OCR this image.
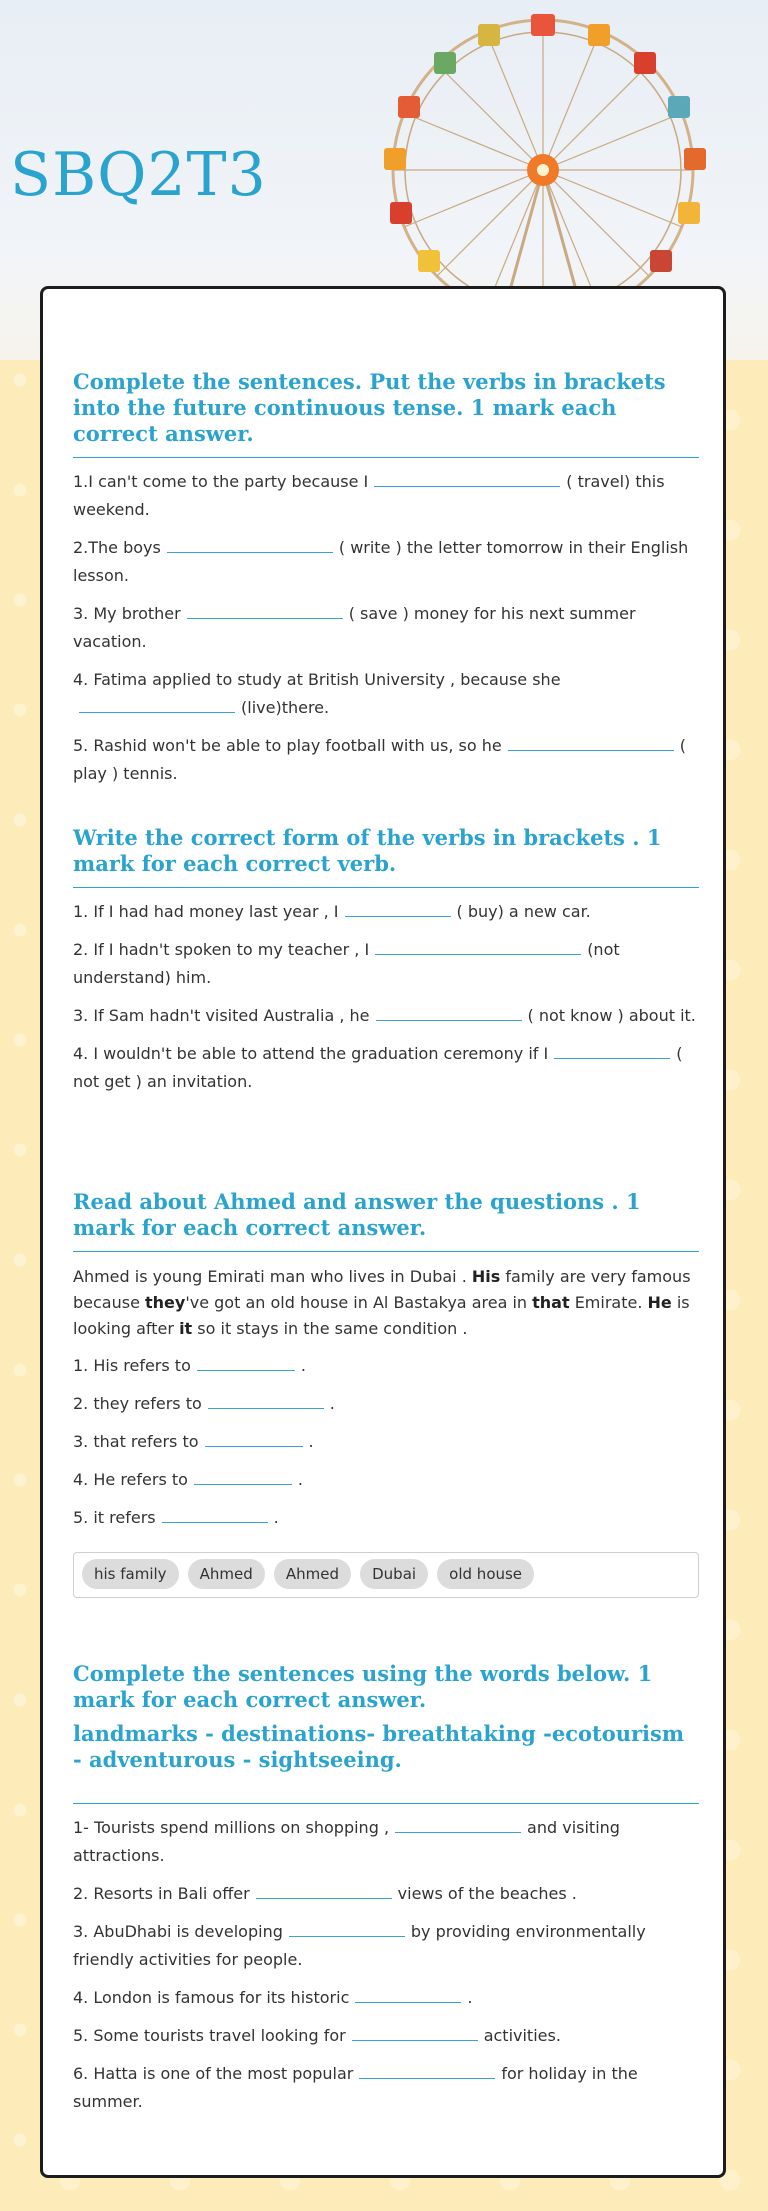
SBQ2T3
Complete the sentences. Put the verbs in brackets into the future continuous tense. 1 mark each correct answer.

1.I can't come to the party because I	( travel) this weekend.

2.The boys	( write ) the letter tomorrow in their English lesson.

3. My brother	( save ) money for his next summer vacation.

4. Fatima applied to study at British University , because she(live)there.

5. Rashid won't be able to play football with us, so he	( play ) tennis.

Write the correct form of the verbs in brackets . 1 mark for each correct verb.

1. If I had had money last year , I	( buy) a new car.

2. If I hadn't spoken to my teacher , I	(not understand) him.

3. If Sam hadn't visited Australia , he	( not know ) about it.

4. I wouldn't be able to attend the graduation ceremony if I	( not get ) an invitation.

Read about Ahmed and answer the questions . 1 mark for each correct answer.

Ahmed is young Emirati man who lives in Dubai . His family are very famous because they've got an old house in Al Bastakya area in that Emirate. He is looking after it so it stays in the same condition .

1. His refers to	.

2. they refers to	.

3. that refers to	.

4. He refers to	.

5. it refers	.

his family Ahmed Ahmed Dubai old house
Complete the sentences using the words below. 1 mark for each correct answer.
landmarks - destinations- breathtaking -ecotourism - adventurous - sightseeing.

1- Tourists spend millions on shopping ,	and visiting attractions.

2. Resorts in Bali offer	views of the beaches .

3. AbuDhabi is developing	by providing environmentally friendly activities for people.

4. London is famous for its historic	.

5. Some tourists travel looking for	activities.

6. Hatta is one of the most popular	for holiday in the summer.
